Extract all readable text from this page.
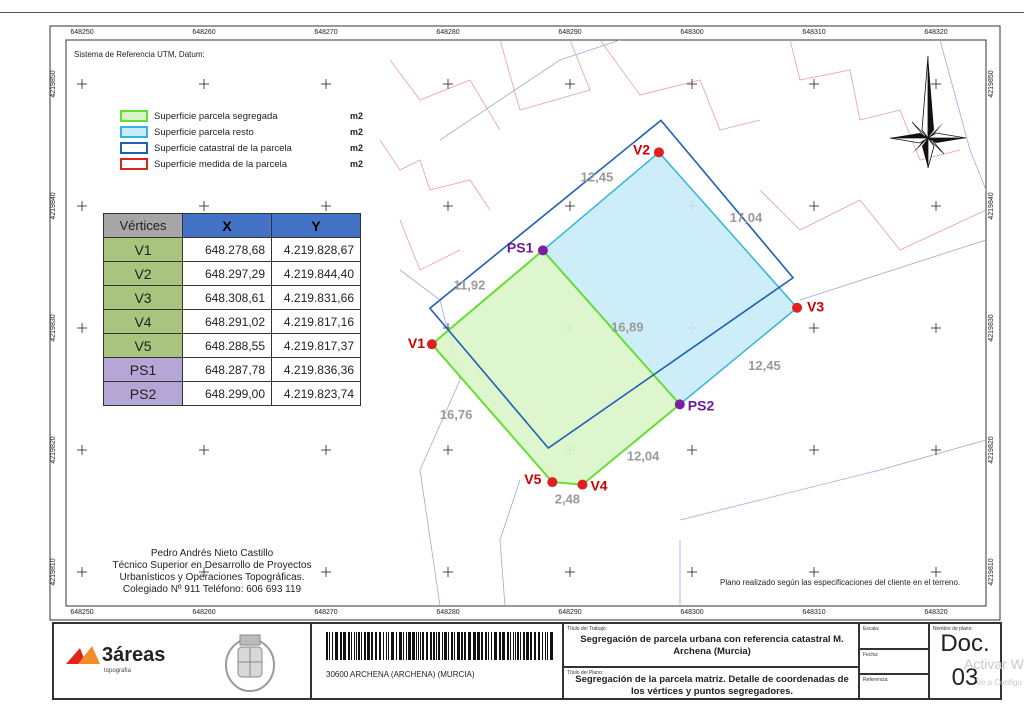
12,45
17,04
11,92
16,89
12,45
16,76
12,04
2,48
V1
V2
V3
V4
V5
PS1
PS2
648250
648250
648260
648260
648270
648270
648280
648280
648290
648290
648300
648300
648310
648310
648320
648320
4219850	4219850
4219840	4219840
4219830	4219830
4219820	4219820
4219810	4219810
Sistema de Referencia UTM, Datum:
Superficie parcela segregada	m2
Superficie parcela resto	m2
Superficie catastral de la parcela	m2
Superficie medida de la parcela	m2
Vértices	X	Y
V1	648.278,68	4.219.828,67
V2	648.297,29	4.219.844,40
V3	648.308,61	4.219.831,66
V4	648.291,02	4.219.817,16
V5	648.288,55	4.219.817,37
PS1	648.287,78	4.219.836,36
PS2	648.299,00	4.219.823,74
Pedro Andrés Nieto Castillo
Técnico Superior en Desarrollo de Proyectos
Urbanísticos y Operaciones Topográficas.
Colegiado Nº 911 Teléfono: 606 693 119
Plano realizado según las especificaciones del cliente en el terreno.
3áreas
topografía	30600 ARCHENA (ARCHENA) (MURCIA)
Título del Trabajo:
Segregación de parcela urbana con referencia catastral M. Archena (Murcia)
Título del Plano:
Segregación de la parcela matriz. Detalle de coordenadas de los vértices y puntos segregadores.
Escala:
Fecha:
Referencia:
Nombre de plano:
Doc.
03
Activar W
Ve a Configu
